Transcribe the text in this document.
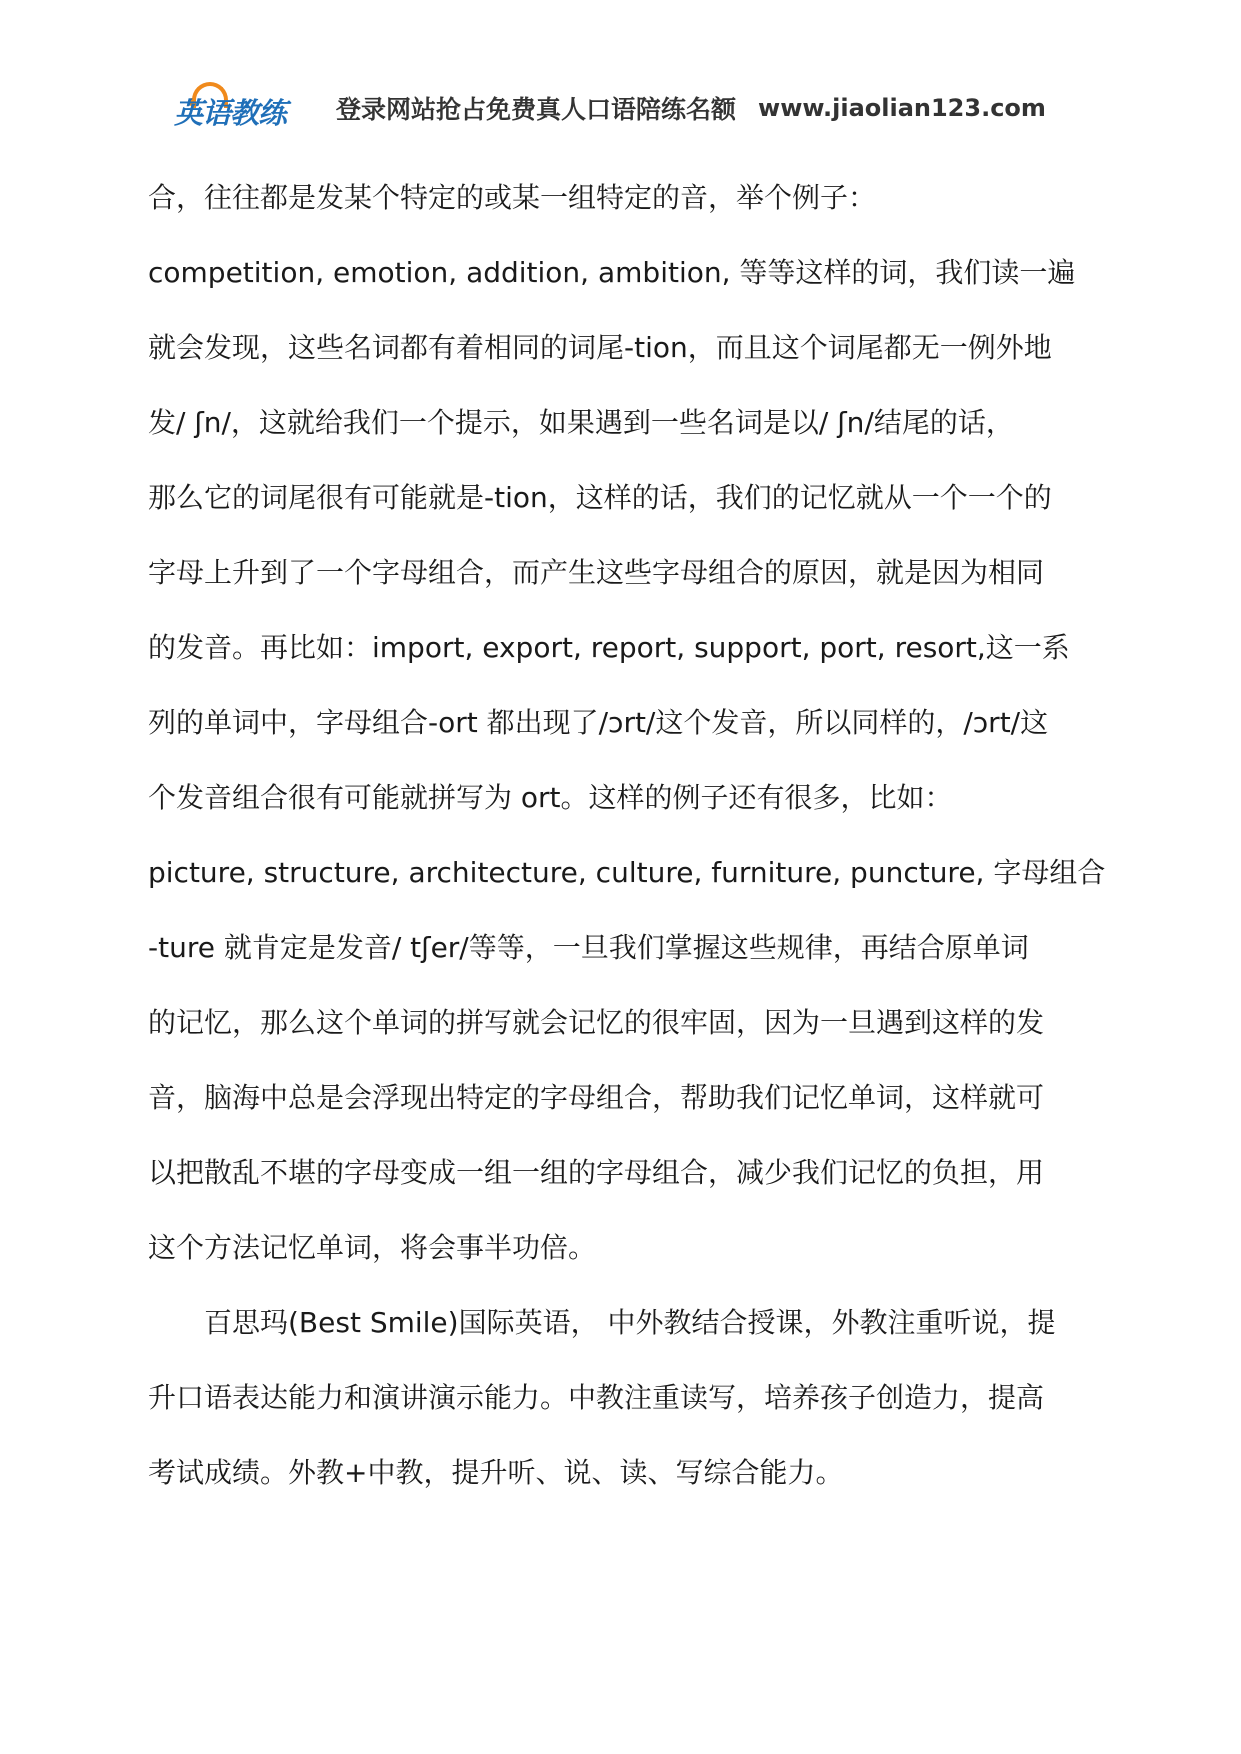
英语教练 登录网站抢占免费真人口语陪练名额 www.jiaolian123.com
合，往往都是发某个特定的或某一组特定的音，举个例子：
competition, emotion, addition, ambition, 等等这样的词，我们读一遍
就会发现，这些名词都有着相同的词尾-tion，而且这个词尾都无一例外地
发/ ʃn/，这就给我们一个提示，如果遇到一些名词是以/ ʃn/结尾的话，
那么它的词尾很有可能就是-tion，这样的话，我们的记忆就从一个一个的
字母上升到了一个字母组合，而产生这些字母组合的原因，就是因为相同
的发音。再比如：import, export, report, support, port, resort,这一系
列的单词中，字母组合-ort 都出现了/ɔrt/这个发音，所以同样的，/ɔrt/这
个发音组合很有可能就拼写为 ort。这样的例子还有很多，比如：
picture, structure, architecture, culture, furniture, puncture, 字母组合
-ture 就肯定是发音/ tʃer/等等，一旦我们掌握这些规律，再结合原单词
的记忆，那么这个单词的拼写就会记忆的很牢固，因为一旦遇到这样的发
音，脑海中总是会浮现出特定的字母组合，帮助我们记忆单词，这样就可
以把散乱不堪的字母变成一组一组的字母组合，减少我们记忆的负担，用
这个方法记忆单词，将会事半功倍。
百思玛(Best Smile)国际英语， 中外教结合授课，外教注重听说，提
升口语表达能力和演讲演示能力。中教注重读写，培养孩子创造力，提高
考试成绩。外教+中教，提升听、说、读、写综合能力。
